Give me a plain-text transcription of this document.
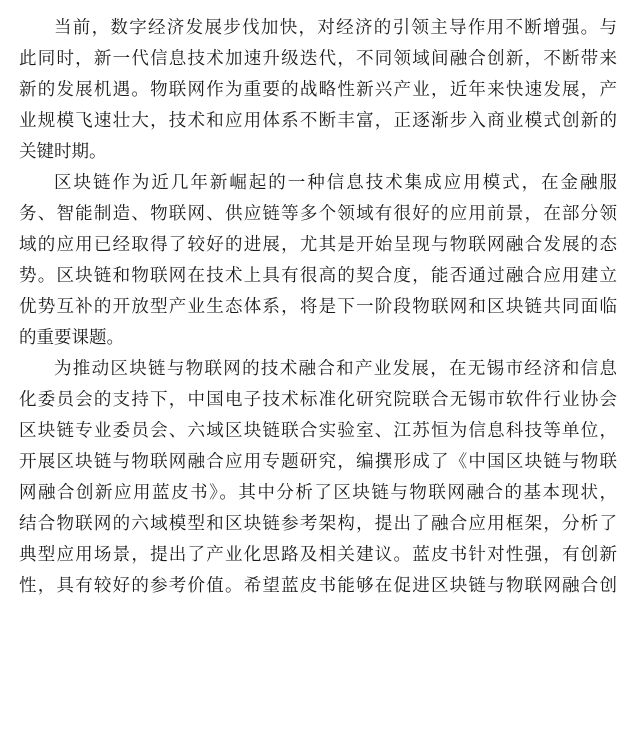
当前，数字经济发展步伐加快，对经济的引领主导作用不断增强。与
此同时，新一代信息技术加速升级迭代，不同领域间融合创新，不断带来
新的发展机遇。物联网作为重要的战略性新兴产业，近年来快速发展，产
业规模飞速壮大，技术和应用体系不断丰富，正逐渐步入商业模式创新的
关键时期。
区块链作为近几年新崛起的一种信息技术集成应用模式，在金融服
务、智能制造、物联网、供应链等多个领域有很好的应用前景，在部分领
域的应用已经取得了较好的进展，尤其是开始呈现与物联网融合发展的态
势。区块链和物联网在技术上具有很高的契合度，能否通过融合应用建立
优势互补的开放型产业生态体系，将是下一阶段物联网和区块链共同面临
的重要课题。
为推动区块链与物联网的技术融合和产业发展，在无锡市经济和信息
化委员会的支持下，中国电子技术标准化研究院联合无锡市软件行业协会
区块链专业委员会、六域区块链联合实验室、江苏恒为信息科技等单位，
开展区块链与物联网融合应用专题研究，编撰形成了《中国区块链与物联
网融合创新应用蓝皮书》。其中分析了区块链与物联网融合的基本现状，
结合物联网的六域模型和区块链参考架构，提出了融合应用框架，分析了
典型应用场景，提出了产业化思路及相关建议。蓝皮书针对性强，有创新
性，具有较好的参考价值。希望蓝皮书能够在促进区块链与物联网融合创
